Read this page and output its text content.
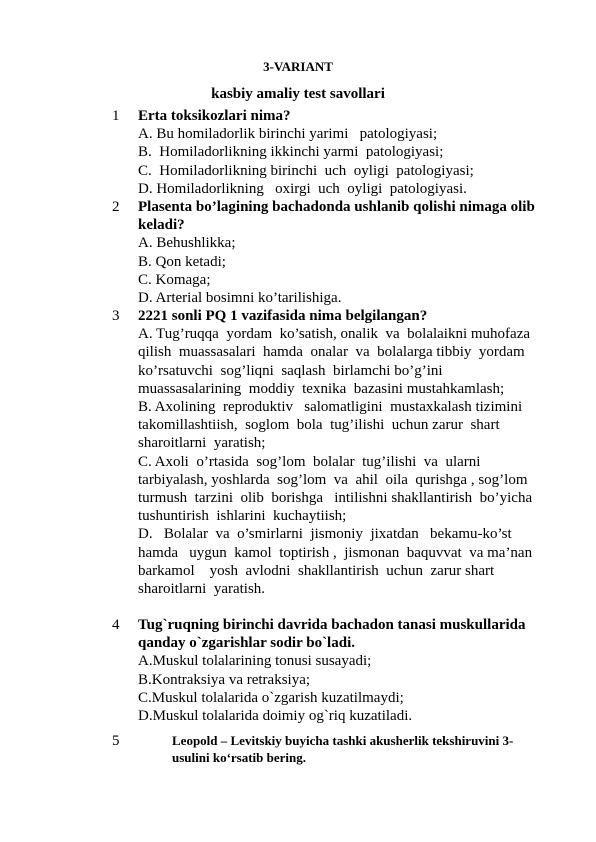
3-VARIANT
kasbiy amaliy test savollari
1	Erta toksikozlari nima?
A. Bu homiladorlik birinchi yarimi   patologiyasi;
B.  Homiladorlikning ikkinchi yarmi  patologiyasi;
C.  Homiladorlikning birinchi  uch  oyligi  patologiyasi;
D. Homiladorlikning   oxirgi  uch  oyligi  patologiyasi.
2	Plasenta bo’lagining bachadonda ushlanib qolishi nimaga olib keladi?
A. Behushlikka;
B. Qon ketadi;
C. Komaga;
D. Arterial bosimni ko’tarilishiga.
3	2221 sonli PQ 1 vazifasida nima belgilangan?
A. Tug’ruqqa  yordam  ko’satish, onalik  va  bolalaikni muhofaza  qilish  muassasalari  hamda  onalar  va  bolalarga tibbiy  yordam  ko’rsatuvchi  sog’liqni  saqlash  birlamchi bo’g’ini  muassasalarining  moddiy  texnika  bazasini mustahkamlash;
B. Axolining  reproduktiv   salomatligini  mustaxkalash tizimini  takomillashtiish,  soglom  bola  tug’ilishi  uchun zarur  shart  sharoitlarni  yaratish;
C. Axoli  o’rtasida  sog’lom  bolalar  tug’ilishi  va  ularni tarbiyalash, yoshlarda  sog’lom  va  ahil  oila  qurishga , sog’lom  turmush  tarzini  olib  borishga   intilishni shakllantirish  bo’yicha  tushuntirish  ishlarini  kuchaytiish;
D.   Bolalar  va  o’smirlarni  jismoniy  jixatdan   bekamu-ko’st hamda   uygun  kamol  toptirish ,  jismonan  baquvvat  va ma’nan  barkamol    yosh  avlodni  shakllantirish  uchun  zarur shart  sharoitlarni  yaratish.
4	Tug`ruqning birinchi davrida bachadon tanasi muskullarida qanday o`zgarishlar sodir bo`ladi.
A.Muskul tolalarining tonusi susayadi;
B.Kontraksiya va retraksiya;
C.Muskul tolalarida o`zgarish kuzatilmaydi;
D.Muskul tolalarida doimiy og`riq kuzatiladi.
5	Leopold – Levitskiy buyicha tashki akusherlik tekshiruvini 3- usulini ko‘rsatib bering.
